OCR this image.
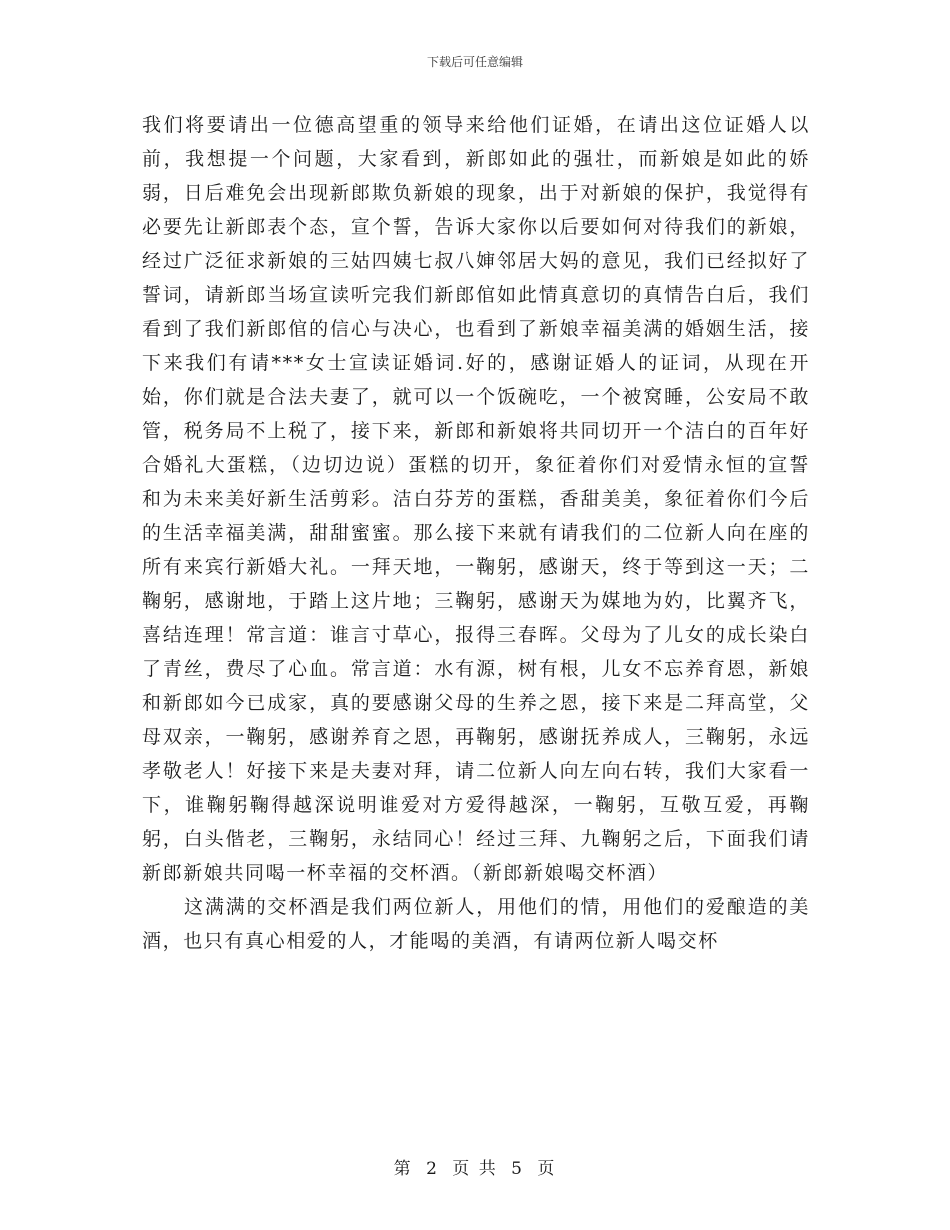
下载后可任意编辑

我们将要请出一位德高望重的领导来给他们证婚，在请出这位证婚人以前，我想提一个问题，大家看到，新郎如此的强壮，而新娘是如此的娇弱，日后难免会出现新郎欺负新娘的现象，出于对新娘的保护，我觉得有必要先让新郎表个态，宣个誓，告诉大家你以后要如何对待我们的新娘，经过广泛征求新娘的三姑四姨七叔八婶邻居大妈的意见，我们已经拟好了誓词，请新郎当场宣读听完我们新郎倌如此情真意切的真情告白后，我们看到了我们新郎倌的信心与决心，也看到了新娘幸福美满的婚姻生活，接下来我们有请***女士宣读证婚词.好的，感谢证婚人的证词，从现在开始，你们就是合法夫妻了，就可以一个饭碗吃，一个被窝睡，公安局不敢管，税务局不上税了，接下来，新郎和新娘将共同切开一个洁白的百年好合婚礼大蛋糕，（边切边说）蛋糕的切开，象征着你们对爱情永恒的宣誓和为未来美好新生活剪彩。洁白芬芳的蛋糕，香甜美美，象征着你们今后的生活幸福美满，甜甜蜜蜜。那么接下来就有请我们的二位新人向在座的所有来宾行新婚大礼。一拜天地，一鞠躬，感谢天，终于等到这一天；二鞠躬，感谢地，于踏上这片地；三鞠躬，感谢天为媒地为妁，比翼齐飞，喜结连理！常言道：谁言寸草心，报得三春晖。父母为了儿女的成长染白了青丝，费尽了心血。常言道：水有源，树有根，儿女不忘养育恩，新娘和新郎如今已成家，真的要感谢父母的生养之恩，接下来是二拜高堂，父母双亲，一鞠躬，感谢养育之恩，再鞠躬，感谢抚养成人，三鞠躬，永远孝敬老人！好接下来是夫妻对拜，请二位新人向左向右转，我们大家看一下，谁鞠躬鞠得越深说明谁爱对方爱得越深，一鞠躬，互敬互爱，再鞠躬，白头偕老，三鞠躬，永结同心！经过三拜、九鞠躬之后，下面我们请新郎新娘共同喝一杯幸福的交杯酒。（新郎新娘喝交杯酒）

这满满的交杯酒是我们两位新人，用他们的情，用他们的爱酿造的美酒，也只有真心相爱的人，才能喝的美酒，有请两位新人喝交杯

第 2 页 共 5 页
